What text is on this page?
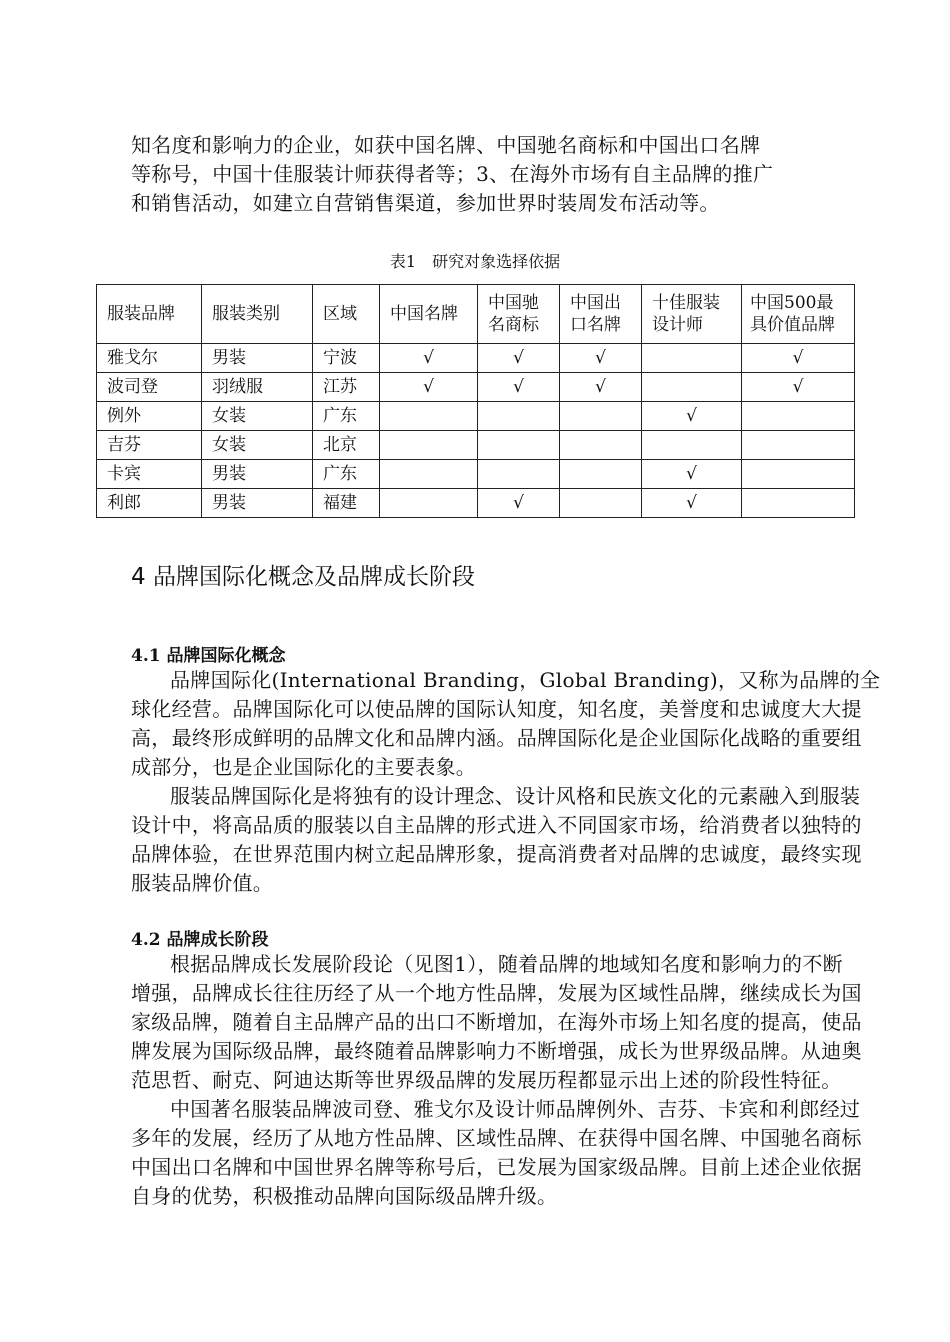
知名度和影响力的企业，如获中国名牌、中国驰名商标和中国出口名牌
等称号，中国十佳服装计师获得者等；3、在海外市场有自主品牌的推广
和销售活动，如建立自营销售渠道，参加世界时装周发布活动等。
表1　研究对象选择依据
服装品牌	服装类别	区域	中国名牌	中国驰名商标	中国出口名牌	十佳服装设计师	中国500最具价值品牌
雅戈尔	男装	宁波	√	√	√		√
波司登	羽绒服	江苏	√	√	√		√
例外	女装	广东				√	
吉芬	女装	北京					
卡宾	男装	广东				√	
利郎	男装	福建		√		√	
4 品牌国际化概念及品牌成长阶段
4.1 品牌国际化概念
品牌国际化(International Branding，Global Branding)，又称为品牌的全
球化经营。品牌国际化可以使品牌的国际认知度，知名度，美誉度和忠诚度大大提
高，最终形成鲜明的品牌文化和品牌内涵。品牌国际化是企业国际化战略的重要组
成部分，也是企业国际化的主要表象。
服装品牌国际化是将独有的设计理念、设计风格和民族文化的元素融入到服装
设计中，将高品质的服装以自主品牌的形式进入不同国家市场，给消费者以独特的
品牌体验，在世界范围内树立起品牌形象，提高消费者对品牌的忠诚度，最终实现
服装品牌价值。
4.2 品牌成长阶段
根据品牌成长发展阶段论（见图1），随着品牌的地域知名度和影响力的不断
增强，品牌成长往往历经了从一个地方性品牌，发展为区域性品牌，继续成长为国
家级品牌，随着自主品牌产品的出口不断增加，在海外市场上知名度的提高，使品
牌发展为国际级品牌，最终随着品牌影响力不断增强，成长为世界级品牌。从迪奥
范思哲、耐克、阿迪达斯等世界级品牌的发展历程都显示出上述的阶段性特征。
中国著名服装品牌波司登、雅戈尔及设计师品牌例外、吉芬、卡宾和利郎经过
多年的发展，经历了从地方性品牌、区域性品牌、在获得中国名牌、中国驰名商标
中国出口名牌和中国世界名牌等称号后，已发展为国家级品牌。目前上述企业依据
自身的优势，积极推动品牌向国际级品牌升级。
